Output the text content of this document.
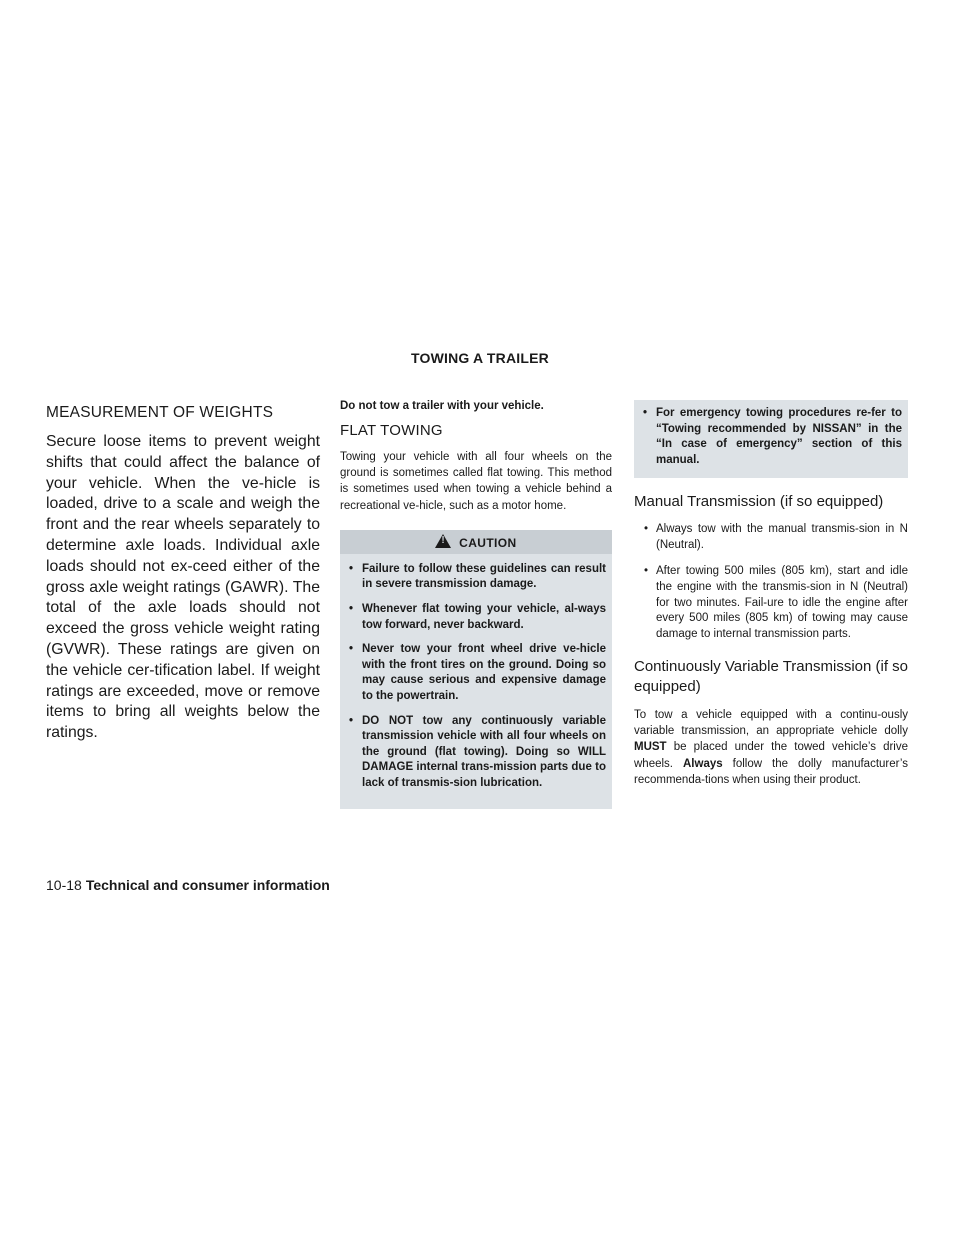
TOWING A TRAILER
MEASUREMENT OF WEIGHTS

Secure loose items to prevent weight shifts that could affect the balance of your vehicle. When the ve-hicle is loaded, drive to a scale and weigh the front and the rear wheels separately to determine axle loads. Individual axle loads should not ex-ceed either of the gross axle weight ratings (GAWR). The total of the axle loads should not exceed the gross vehicle weight rating (GVWR). These ratings are given on the vehicle cer-tification label. If weight ratings are exceeded, move or remove items to bring all weights below the ratings.

Do not tow a trailer with your vehicle.

FLAT TOWING

Towing your vehicle with all four wheels on the ground is sometimes called flat towing. This method is sometimes used when towing a vehicle behind a recreational ve-hicle, such as a motor home.

! CAUTION
• Failure to follow these guidelines can result in severe transmission damage.
• Whenever flat towing your vehicle, al-ways tow forward, never backward.
• Never tow your front wheel drive ve-hicle with the front tires on the ground. Doing so may cause serious and expensive damage to the powertrain.
• DO NOT tow any continuously variable transmission vehicle with all four wheels on the ground (flat towing). Doing so WILL DAMAGE internal trans-mission parts due to lack of transmis-sion lubrication.
• For emergency towing procedures re-fer to “Towing recommended by NISSAN” in the “In case of emergency” section of this manual.
Manual Transmission (if so equipped)
• Always tow with the manual transmis-sion in N (Neutral).
• After towing 500 miles (805 km), start and idle the engine with the transmis-sion in N (Neutral) for two minutes. Fail-ure to idle the engine after every 500 miles (805 km) of towing may cause damage to internal transmission parts.
Continuously Variable Transmission (if so equipped)

To tow a vehicle equipped with a continu-ously variable transmission, an appropriate vehicle dolly MUST be placed under the towed vehicle’s drive wheels. Always follow the dolly manufacturer’s recommenda-tions when using their product.

10-18 Technical and consumer information
